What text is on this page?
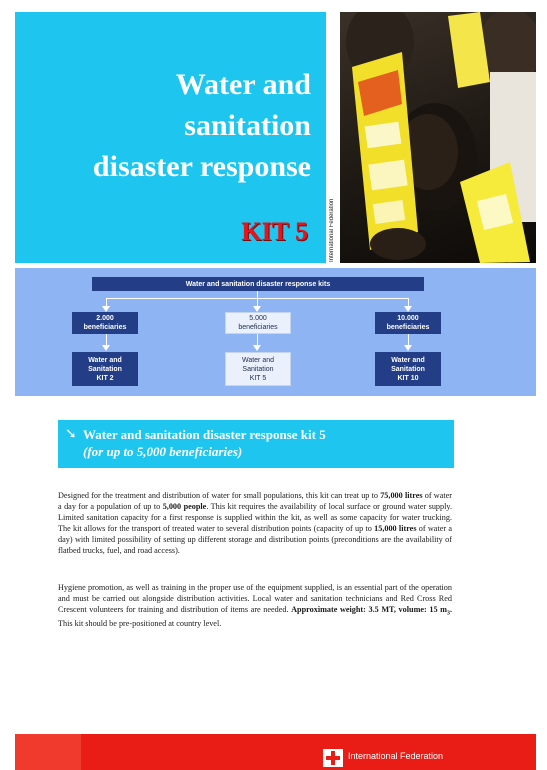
Water and
sanitation
disaster response
KIT 5	International Federation
Water and sanitation disaster response kits
2.000
beneficiaries
5.000
beneficiaries
10.000
beneficiaries
Water and
Sanitation
KIT 2
Water and
Sanitation
KIT 5
Water and
Sanitation
KIT 10
➘ Water and sanitation disaster response kit 5
(for up to 5,000 beneficiaries)

Designed for the treatment and distribution of water for small populations, this kit can treat up to 75,000 litres of water a day for a population of up to 5,000 people. This kit requires the availability of local surface or ground water supply. Limited sanitation capacity for a first response is supplied within the kit, as well as some capacity for water trucking. The kit allows for the transport of treated water to several distribution points (capacity of up to 15,000 litres of water a day) with limited possibility of setting up different storage and distribution points (preconditions are the availability of flatbed trucks, fuel, and road access).

Hygiene promotion, as well as training in the proper use of the equipment supplied, is an essential part of the operation and must be carried out alongside distribution activities. Local water and sanitation technicians and Red Cross Red Crescent volunteers for training and distribution of items are needed. Approximate weight: 3.5 MT, volume: 15 $m_3$. This kit should be pre-positioned at country level.

International Federation
